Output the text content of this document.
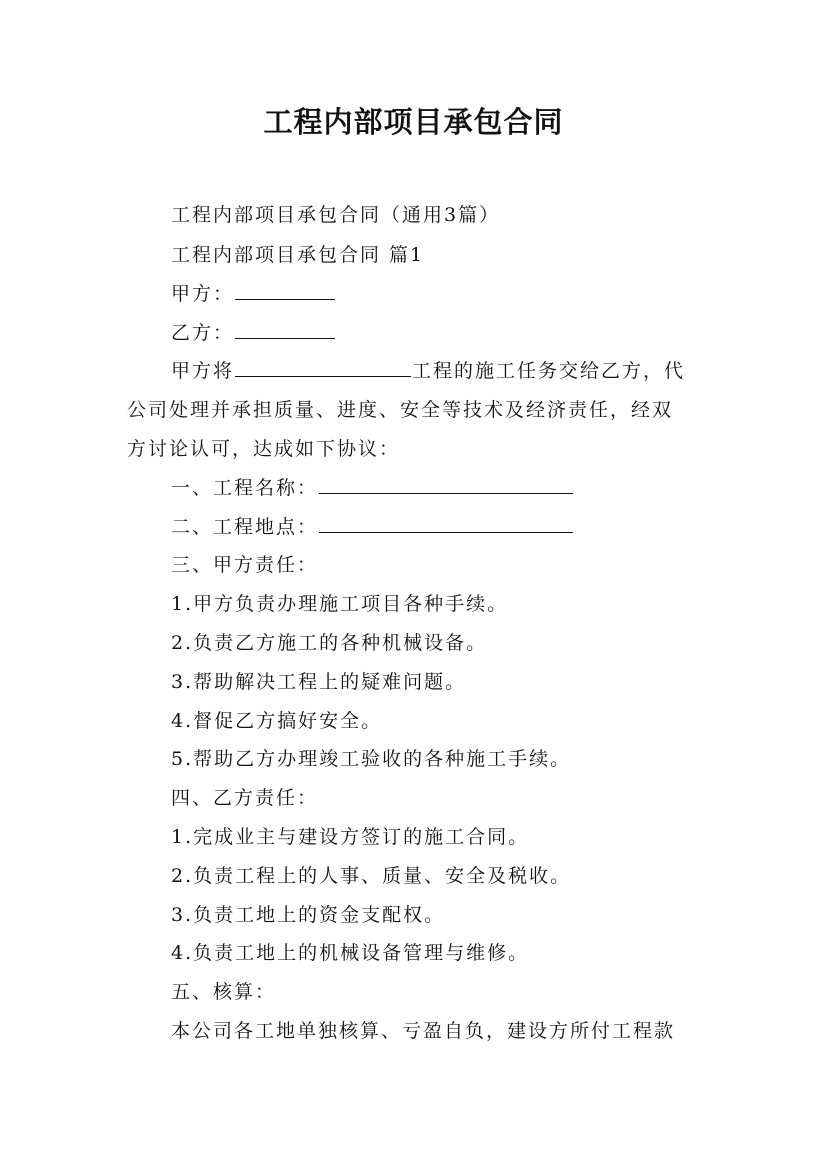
工程内部项目承包合同
工程内部项目承包合同（通用3篇）
工程内部项目承包合同 篇1
甲方：
乙方：
甲方将	工程的施工任务交给乙方，代
公司处理并承担质量、进度、安全等技术及经济责任，经双
方讨论认可，达成如下协议：
一、工程名称：
二、工程地点：
三、甲方责任：
1.甲方负责办理施工项目各种手续。
2.负责乙方施工的各种机械设备。
3.帮助解决工程上的疑难问题。
4.督促乙方搞好安全。
5.帮助乙方办理竣工验收的各种施工手续。
四、乙方责任：
1.完成业主与建设方签订的施工合同。
2.负责工程上的人事、质量、安全及税收。
3.负责工地上的资金支配权。
4.负责工地上的机械设备管理与维修。
五、核算：
本公司各工地单独核算、亏盈自负，建设方所付工程款
